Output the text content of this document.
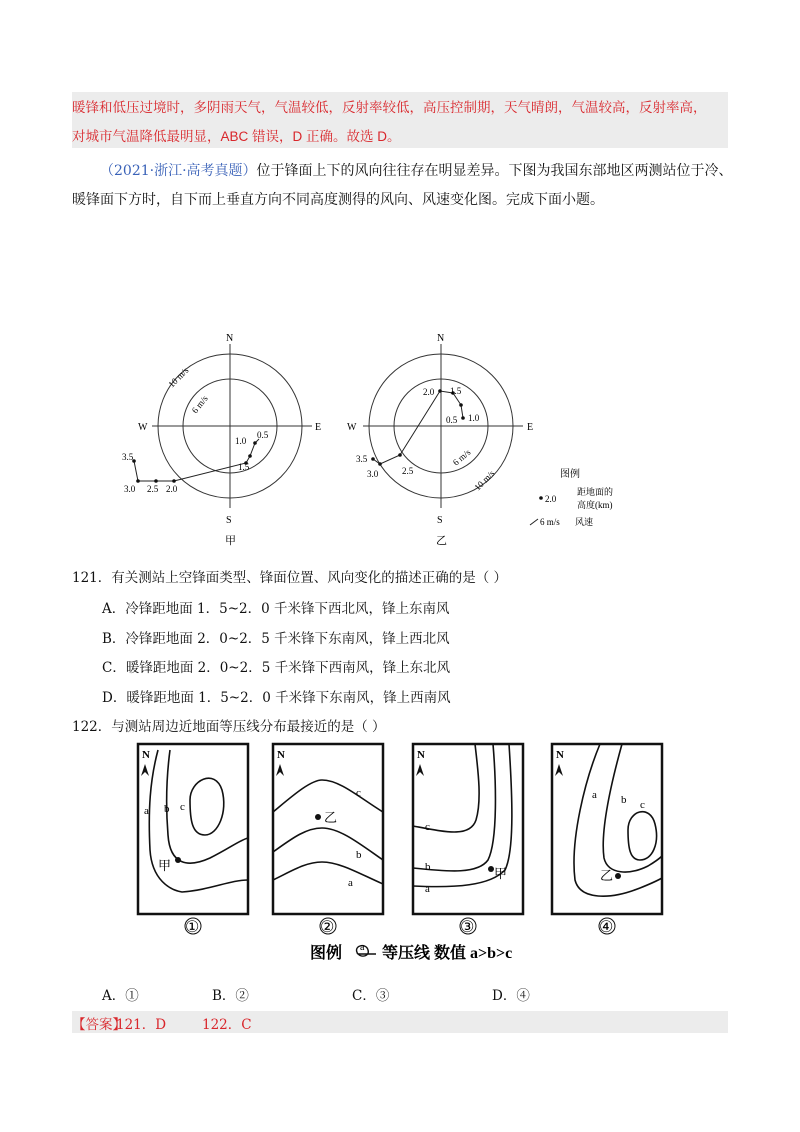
暖锋和低压过境时，多阴雨天气，气温较低，反射率较低，高压控制期，天气晴朗，气温较高，反射率高，
对城市气温降低最明显，ABC 错误，D 正确。故选 D。
（2021·浙江·高考真题）位于锋面上下的风向往往存在明显差异。下图为我国东部地区两测站位于冷、
暖锋面下方时，自下而上垂直方向不同高度测得的风向、风速变化图。完成下面小题。
N
S
E
W
6 m/s
10 m/s
0.5
1.0
1.5
2.0
2.5
3.0
3.5
甲
N
S
E
W
6 m/s
10 m/s
0.5 1.0
1.5
2.0
2.5
3.0
3.5
乙
图例
2.0
距地面的
高度(km)
6 m/s 风速
121．有关测站上空锋面类型、锋面位置、风向变化的描述正确的是（ ）
A．冷锋距地面 1．5~2．0 千米锋下西北风，锋上东南风
B．冷锋距地面 2．0~2．5 千米锋下东南风，锋上西北风
C．暖锋距地面 2．0~2．5 千米锋下西南风，锋上东北风
D．暖锋距地面 1．5~2．0 千米锋下东南风，锋上西南风
122．与测站周边近地面等压线分布最接近的是（ ）
N
a b c
甲
①
N
乙
c
b
a
②
N
甲
c
b
a
③
N
乙
a b c
④
图例 a 等压线 数值 a>b>c
A．①	B．②	C．③	D．④
【答案】
121．D	122．C
